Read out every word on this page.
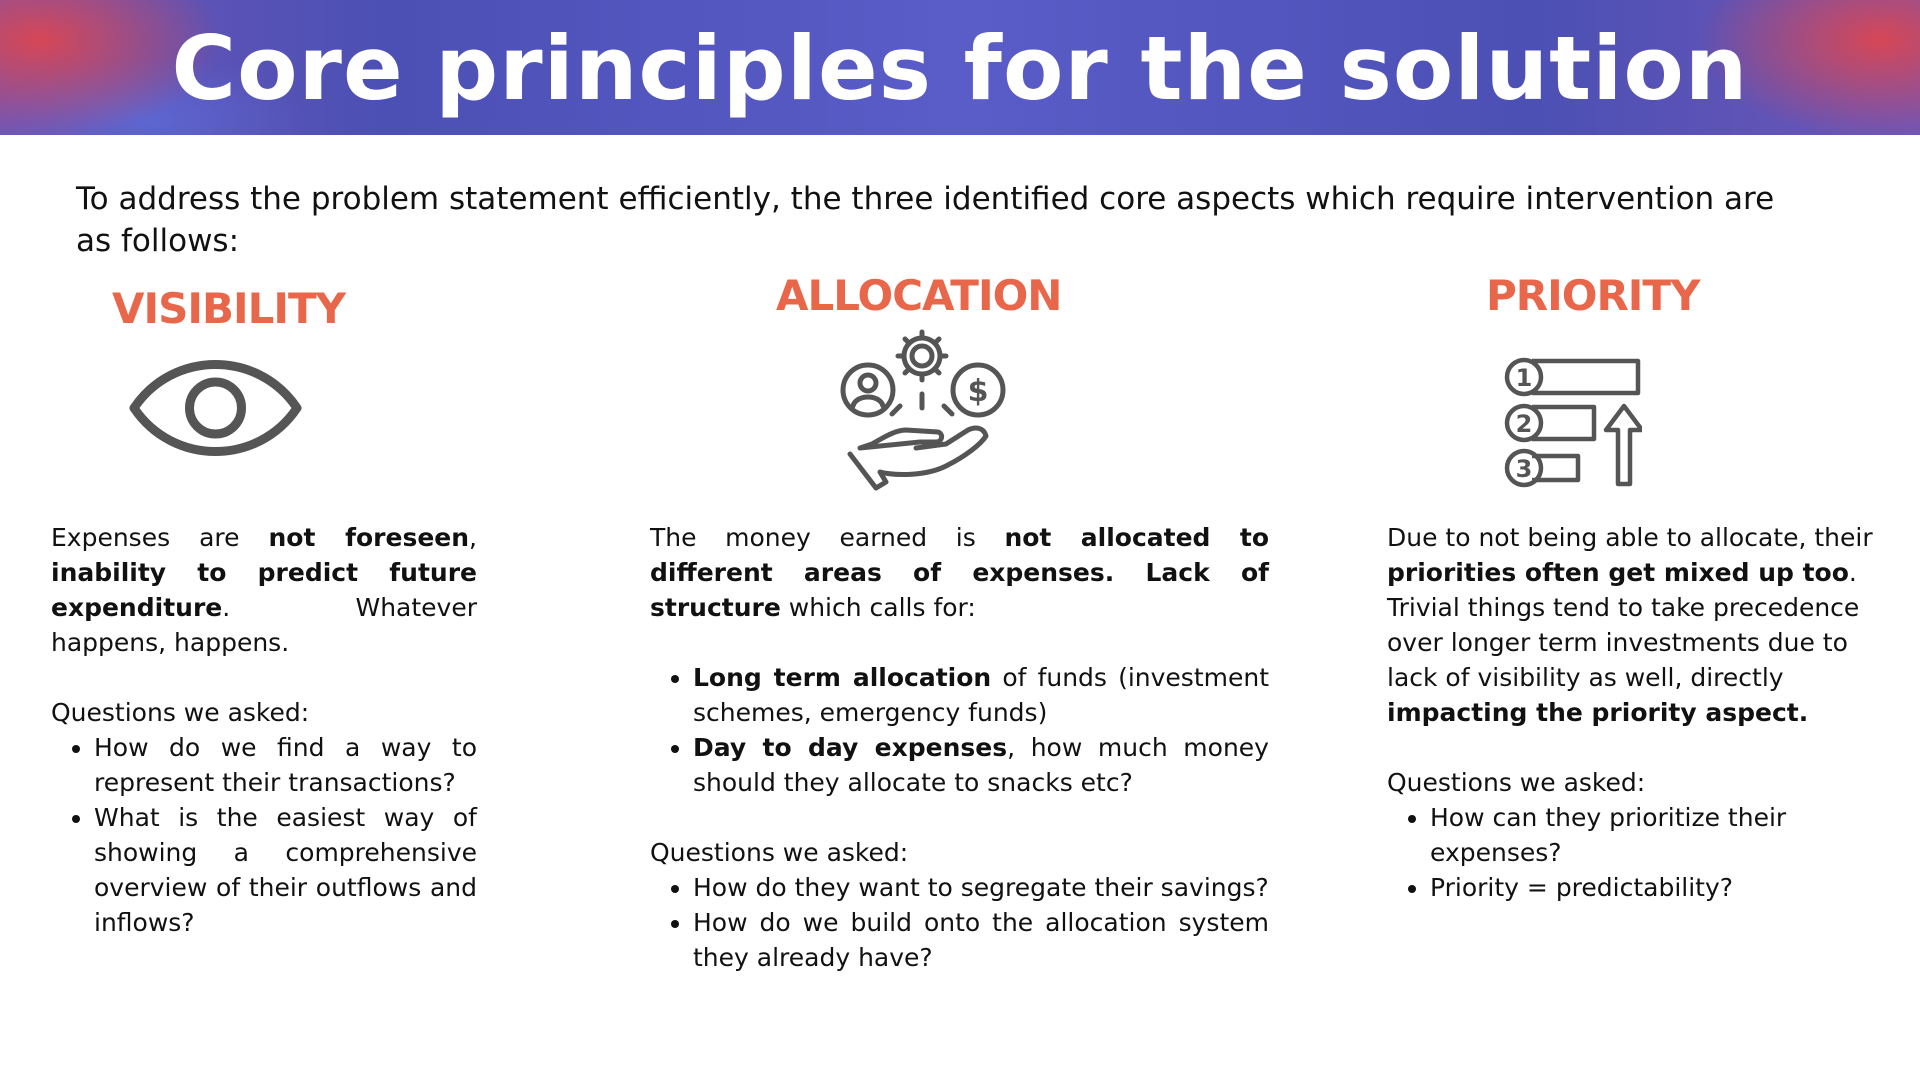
Core principles for the solution
To address the problem statement efficiently, the three identified core aspects which require intervention are as follows:
VISIBILITY

Expenses are not foreseen, inability to predict future expenditure. Whatever happens, happens.

Questions we asked:

• How do we find a way to represent their transactions?
• What is the easiest way of showing a comprehensive overview of their outflows and inflows?
ALLOCATION
$

The money earned is not allocated to different areas of expenses. Lack of structure which calls for:

• Long term allocation of funds (investment schemes, emergency funds)
• Day to day expenses, how much money should they allocate to snacks etc?

Questions we asked:

• How do they want to segregate their savings?
• How do we build onto the allocation system they already have?
PRIORITY
1
2
3

Due to not being able to allocate, their priorities often get mixed up too. Trivial things tend to take precedence over longer term investments due to lack of visibility as well, directly impacting the priority aspect.

Questions we asked:

• How can they prioritize their expenses?
• Priority = predictability?
